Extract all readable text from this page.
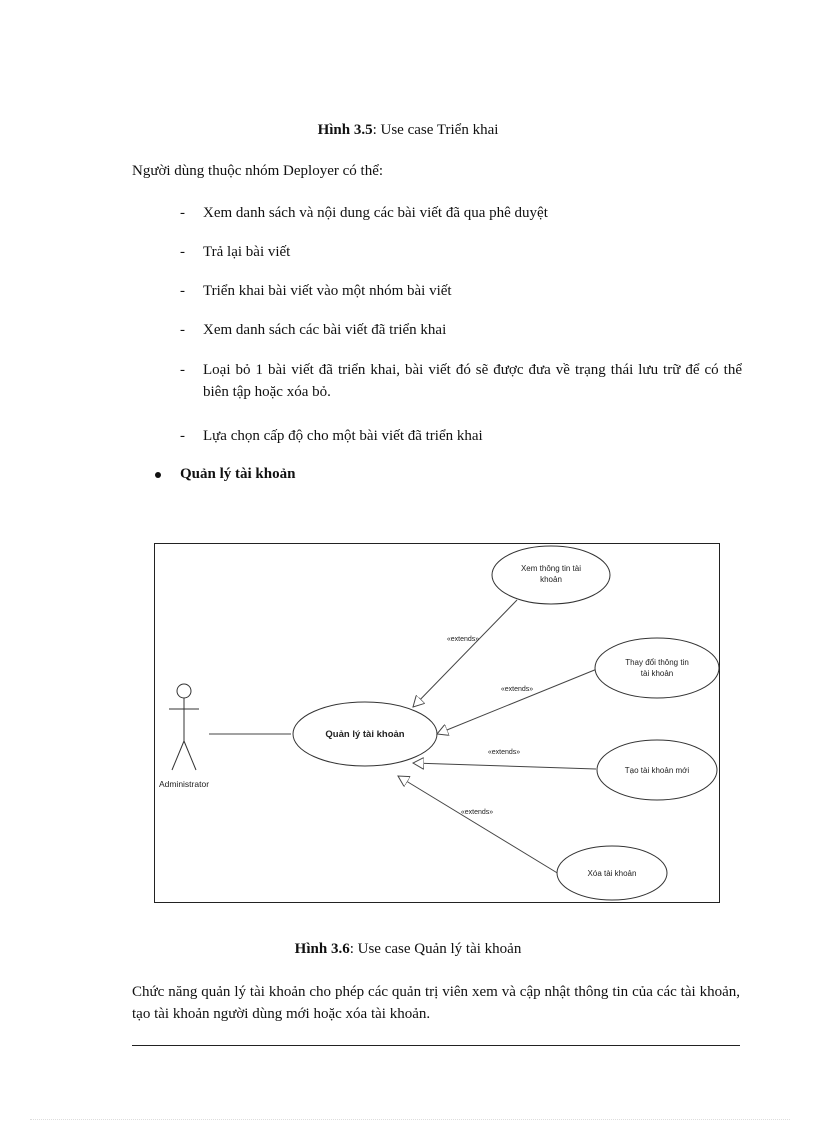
Hình 3.5: Use case Triển khai
Người dùng thuộc nhóm Deployer có thể:
-	Xem danh sách và nội dung các bài viết đã qua phê duyệt
-	Trả lại bài viết
-	Triển khai bài viết vào một nhóm bài viết
-	Xem danh sách các bài viết đã triển khai
-	Loại bỏ 1 bài viết đã triển khai, bài viết đó sẽ được đưa về trạng thái lưu trữ để có thể biên tập hoặc xóa bỏ.
-	Lựa chọn cấp độ cho một bài viết đã triển khai
Quản lý tài khoản
Administrator
Quản lý tài khoản
«extends»
«extends»
«extends»
«extends»
Xem thông tin tài
khoản
Thay đổi thông tin
tài khoản
Tạo tài khoản mới
Xóa tài khoản
Hình 3.6: Use case Quản lý tài khoản
Chức năng quản lý tài khoản cho phép các quản trị viên xem và cập nhật thông tin của các tài khoản, tạo tài khoản người dùng mới hoặc xóa tài khoản.
